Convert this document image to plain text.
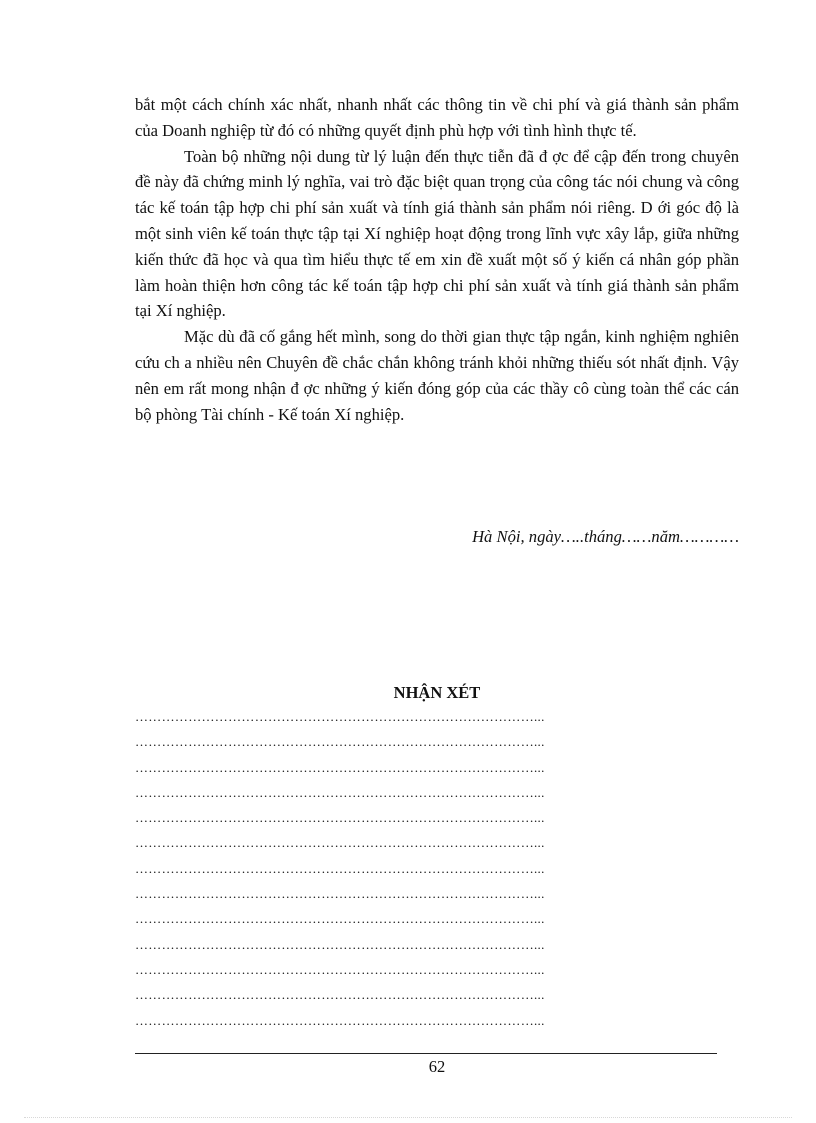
bắt một cách chính xác nhất, nhanh nhất các thông tin về chi phí và giá thành sản phẩm của Doanh nghiệp từ đó có những quyết định phù hợp với tình hình thực tế.

Toàn bộ những nội dung từ lý luận đến thực tiễn đã đ ợc để cập đến trong chuyên đề này đã chứng minh lý nghĩa, vai trò đặc biệt quan trọng của công tác nói chung và công tác kế toán tập hợp chi phí sản xuất và tính giá thành sản phẩm nói riêng. D ới góc độ là một sinh viên kế toán thực tập tại Xí nghiệp hoạt động trong lĩnh vực xây lắp, giữa những kiến thức đã học và qua tìm hiểu thực tế em xin đề xuất một số ý kiến cá nhân góp phần làm hoàn thiện hơn công tác kế toán tập hợp chi phí sản xuất và tính giá thành sản phẩm tại Xí nghiệp.

Mặc dù đã cố gắng hết mình, song do thời gian thực tập ngắn, kinh nghiệm nghiên cứu ch a nhiều nên Chuyên đề chắc chắn không tránh khỏi những thiếu sót nhất định. Vậy nên em rất mong nhận đ ợc những ý kiến đóng góp của các thầy cô cùng toàn thể các cán bộ phòng Tài chính - Kế toán Xí nghiệp.

Hà Nội, ngày…..tháng……năm…………
NHẬN XÉT
………………………………………………………………………………...
………………………………………………………………………………...
………………………………………………………………………………...
………………………………………………………………………………...
………………………………………………………………………………...
………………………………………………………………………………...
………………………………………………………………………………...
………………………………………………………………………………...
………………………………………………………………………………...
………………………………………………………………………………...
………………………………………………………………………………...
………………………………………………………………………………...
………………………………………………………………………………...
62
